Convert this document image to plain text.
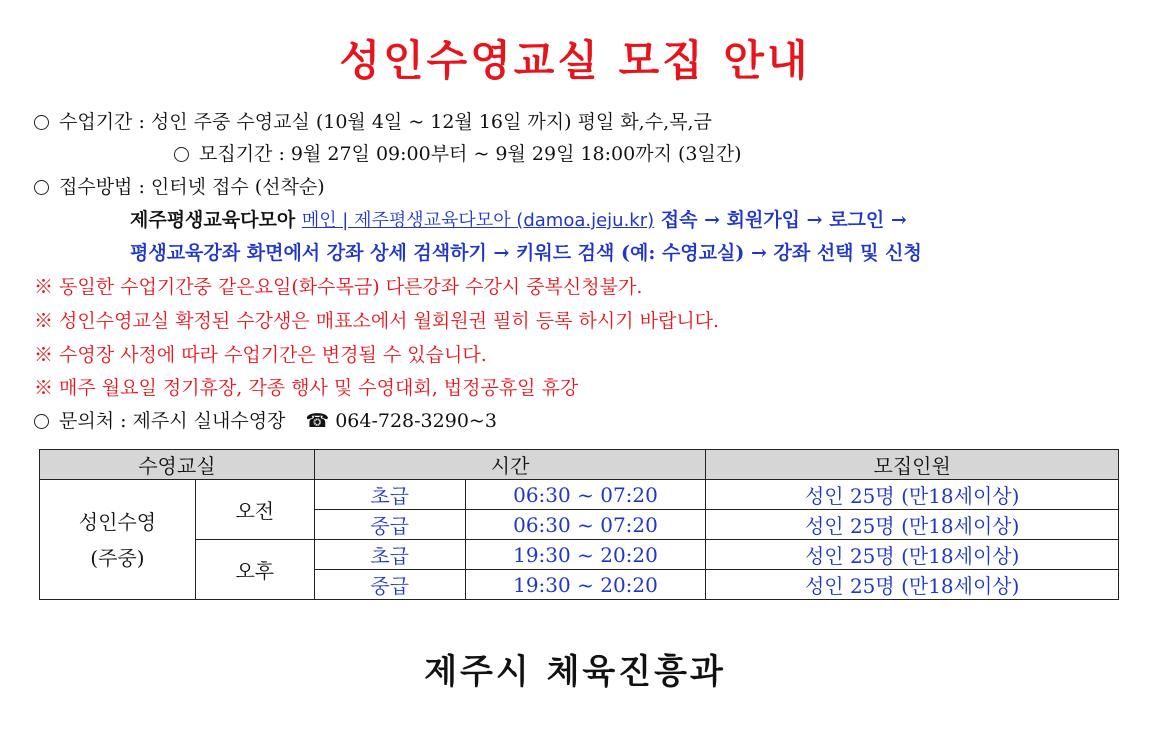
성인수영교실 모집 안내
수업기간 : 성인 주중 수영교실 (10월 4일 ~ 12월 16일 까지) 평일 화,수,목,금
모집기간 : 9월 27일 09:00부터 ~ 9월 29일 18:00까지 (3일간)
접수방법 : 인터넷 접수 (선착순)
제주평생교육다모아 메인 | 제주평생교육다모아 (damoa.jeju.kr) 접속 → 회원가입 → 로그인 →
평생교육강좌 화면에서 강좌 상세 검색하기 → 키워드 검색 (예: 수영교실) → 강좌 선택 및 신청
※ 동일한 수업기간중 같은요일(화수목금) 다른강좌 수강시 중복신청불가.
※ 성인수영교실 확정된 수강생은 매표소에서 월회원권 필히 등록 하시기 바랍니다.
※ 수영장 사정에 따라 수업기간은 변경될 수 있습니다.
※ 매주 월요일 정기휴장, 각종 행사 및 수영대회, 법정공휴일 휴강
문의처 : 제주시 실내수영장 ☎ 064-728-3290~3
수영교실		시간		모집인원

성인수영
(주중)	오전	초급	06:30 ~ 07:20	성인 25명 (만18세이상)
		중급	06:30 ~ 07:20	성인 25명 (만18세이상)
	오후	초급	19:30 ~ 20:20	성인 25명 (만18세이상)
		중급	19:30 ~ 20:20	성인 25명 (만18세이상)
제주시 체육진흥과
